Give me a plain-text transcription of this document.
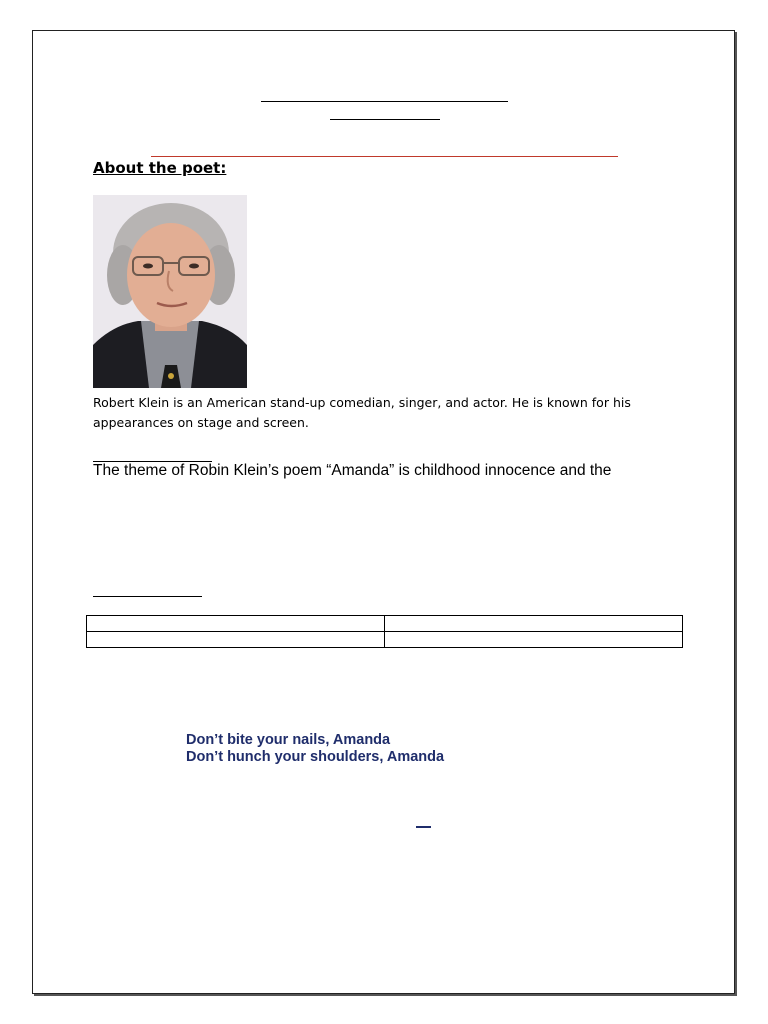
About the poet:

Robert Klein is an American stand-up comedian, singer, and actor. He is known for his appearances on stage and screen.

The theme of Robin Klein’s poem “Amanda” is childhood innocence and the

Don’t bite your nails, Amanda
Don’t hunch your shoulders, Amanda
